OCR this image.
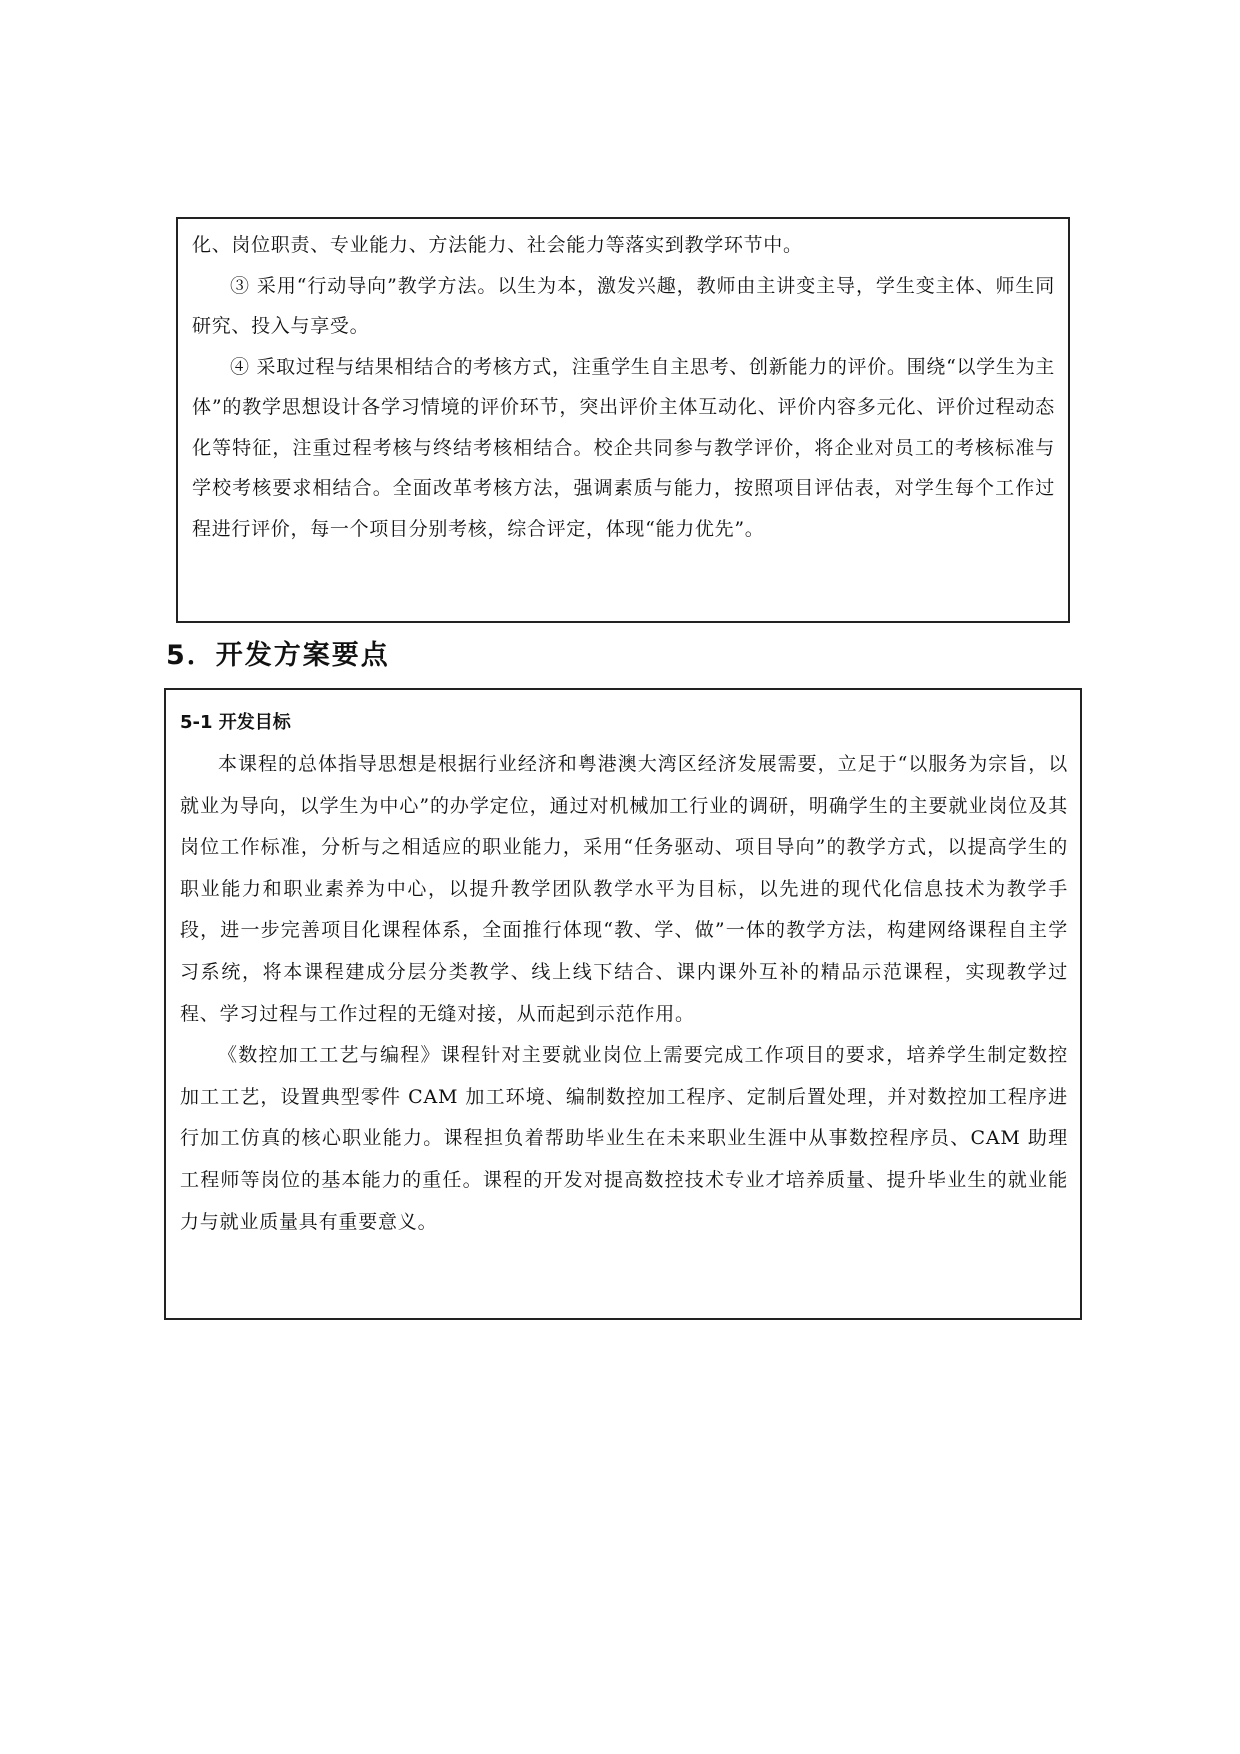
化、岗位职责、专业能力、方法能力、社会能力等落实到教学环节中。

③ 采用“行动导向”教学方法。以生为本，激发兴趣，教师由主讲变主导，学生变主体、师生同研究、投入与享受。

④ 采取过程与结果相结合的考核方式，注重学生自主思考、创新能力的评价。围绕“以学生为主体”的教学思想设计各学习情境的评价环节，突出评价主体互动化、评价内容多元化、评价过程动态化等特征，注重过程考核与终结考核相结合。校企共同参与教学评价，将企业对员工的考核标准与学校考核要求相结合。全面改革考核方法，强调素质与能力，按照项目评估表，对学生每个工作过程进行评价，每一个项目分别考核，综合评定，体现“能力优先”。

5．开发方案要点
5-1 开发目标

本课程的总体指导思想是根据行业经济和粤港澳大湾区经济发展需要，立足于“以服务为宗旨，以就业为导向，以学生为中心”的办学定位，通过对机械加工行业的调研，明确学生的主要就业岗位及其岗位工作标准，分析与之相适应的职业能力，采用“任务驱动、项目导向”的教学方式，以提高学生的职业能力和职业素养为中心，以提升教学团队教学水平为目标，以先进的现代化信息技术为教学手段，进一步完善项目化课程体系，全面推行体现“教、学、做”一体的教学方法，构建网络课程自主学习系统，将本课程建成分层分类教学、线上线下结合、课内课外互补的精品示范课程，实现教学过程、学习过程与工作过程的无缝对接，从而起到示范作用。

《数控加工工艺与编程》课程针对主要就业岗位上需要完成工作项目的要求，培养学生制定数控加工工艺，设置典型零件 CAM 加工环境、编制数控加工程序、定制后置处理，并对数控加工程序进行加工仿真的核心职业能力。课程担负着帮助毕业生在未来职业生涯中从事数控程序员、CAM 助理工程师等岗位的基本能力的重任。课程的开发对提高数控技术专业才培养质量、提升毕业生的就业能力与就业质量具有重要意义。
